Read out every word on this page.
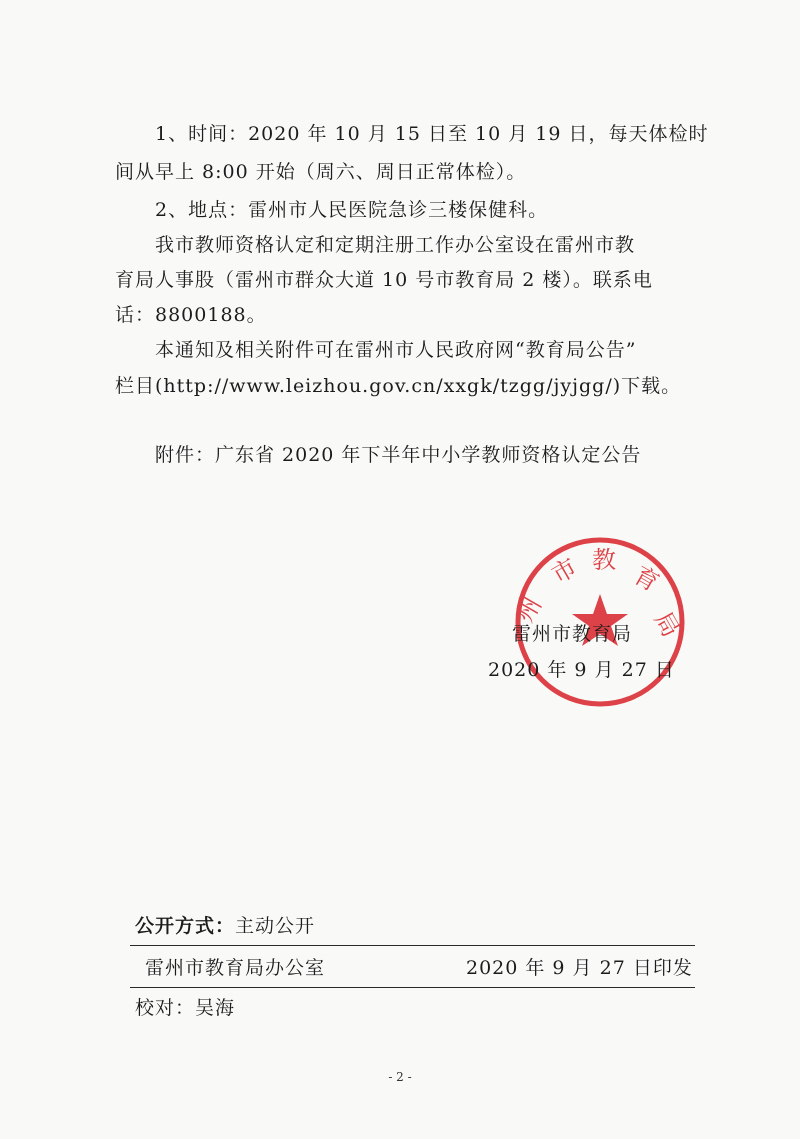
1、时间：2020 年 10 月 15 日至 10 月 19 日，每天体检时
间从早上 8:00 开始（周六、周日正常体检）。
2、地点：雷州市人民医院急诊三楼保健科。
我市教师资格认定和定期注册工作办公室设在雷州市教
育局人事股（雷州市群众大道 10 号市教育局 2 楼）。联系电
话：8800188。
本通知及相关附件可在雷州市人民政府网“教育局公告”
栏目(http://www.leizhou.gov.cn/xxgk/tzgg/jyjgg/)下载。
附件：广东省 2020 年下半年中小学教师资格认定公告
市 教
育
局
州
雷州市教育局
2020 年 9 月 27 日
公开方式：主动公开
雷州市教育局办公室	2020 年 9 月 27 日印发
校对：吴海
- 2 -
